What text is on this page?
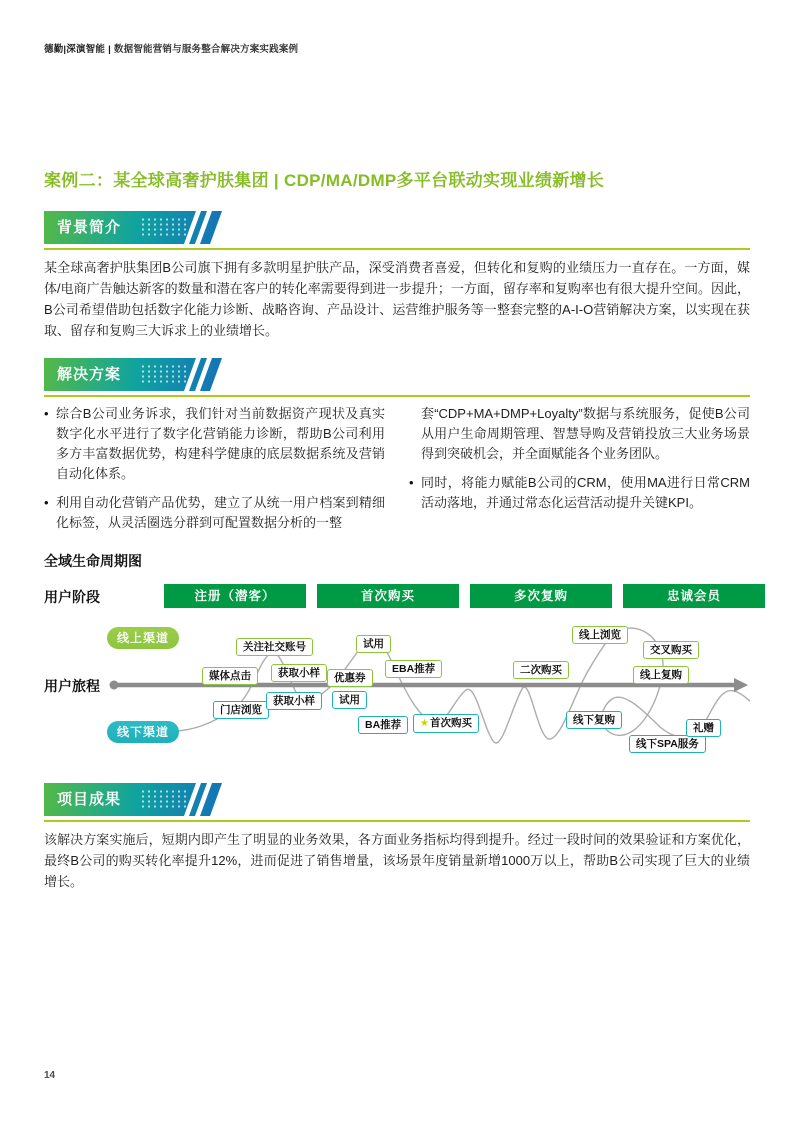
德勤|深演智能 | 数据智能营销与服务整合解决方案实践案例
案例二：某全球高奢护肤集团 | CDP/MA/DMP多平台联动实现业绩新增长
背景简介

某全球高奢护肤集团B公司旗下拥有多款明星护肤产品，深受消费者喜爱，但转化和复购的业绩压力一直存在。一方面，媒体/电商广告触达新客的数量和潜在客户的转化率需要得到进一步提升；一方面，留存率和复购率也有很大提升空间。因此，B公司希望借助包括数字化能力诊断、战略咨询、产品设计、运营维护服务等一整套完整的A-I-O营销解决方案，以实现在获取、留存和复购三大诉求上的业绩增长。

解决方案
• 综合B公司业务诉求，我们针对当前数据资产现状及真实数字化水平进行了数字化营销能力诊断，帮助B公司利用多方丰富数据优势，构建科学健康的底层数据系统及营销自动化体系。
• 利用自动化营销产品优势，建立了从统一用户档案到精细化标签，从灵活圈选分群到可配置数据分析的一整

套“CDP+MA+DMP+Loyalty”数据与系统服务，促使B公司从用户生命周期管理、智慧导购及营销投放三大业务场景得到突破机会，并全面赋能各个业务团队。

• 同时，将能力赋能B公司的CRM，使用MA进行日常CRM活动落地，并通过常态化运营活动提升关键KPI。
全域生命周期图
用户阶段	注册（潜客）	首次购买	多次复购	忠诚会员
线上渠道
线下渠道
用户旅程
关注社交账号
媒体点击	获取小样	优惠券
试用
EBA推荐	二次购买
线上浏览
交叉购买
线上复购
门店浏览
获取小样	试用
BA推荐	★首次购买	线下复购
线下SPA服务
礼赠
项目成果

该解决方案实施后，短期内即产生了明显的业务效果，各方面业务指标均得到提升。经过一段时间的效果验证和方案优化，最终B公司的购买转化率提升12%，进而促进了销售增量，该场景年度销量新增1000万以上，帮助B公司实现了巨大的业绩增长。

14
